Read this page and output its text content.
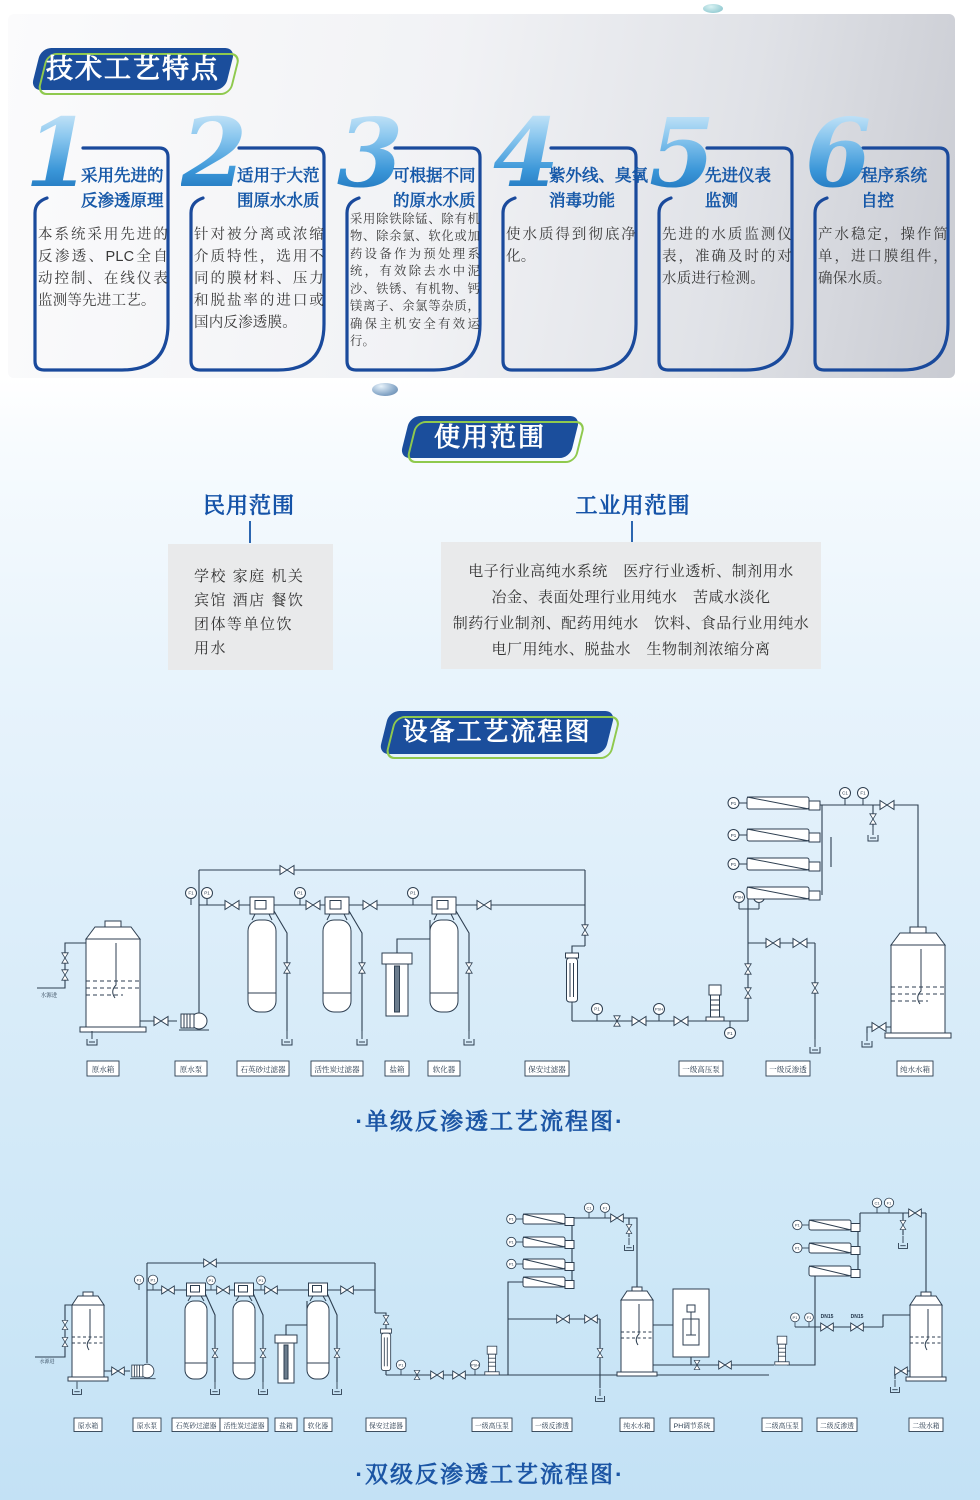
技术工艺特点
1
采用先进的
反渗透原理
本系统采用先进的反渗透、PLC全自动控制、在线仪表监测等先进工艺。
2
适用于大范
围原水水质
针对被分离或浓缩介质特性，选用不同的膜材料、压力和脱盐率的进口或国内反渗透膜。
3
可根据不同
的原水水质
采用除铁除锰、除有机物、除余氯、软化或加药设备作为预处理系统，有效除去水中泥沙、铁锈、有机物、钙镁离子、余氯等杂质，确保主机安全有效运行。
4
紫外线、臭氧
消毒功能
使水质得到彻底净化。
5
先进仪表
监测
先进的水质监测仪表，准确及时的对水质进行检测。
6
程序系统
自控
产水稳定，操作简单，进口膜组件，确保水质。
使用范围
民用范围
学校 家庭 机关
宾馆 酒店 餐饮
团体等单位饮
用水
工业用范围
电子行业高纯水系统　医疗行业透析、制剂用水
冶金、表面处理行业用纯水　苦咸水淡化
制药行业制剂、配药用纯水　饮料、食品行业用纯水
电厂用纯水、脱盐水　生物制剂浓缩分离
设备工艺流程图
水源进
F1 P1	P1	P1
P1	PSH
F1
PSH
P1
P1
P1
C1	F1
原水箱	原水泵	石英砂过滤器	活性炭过滤器	盐箱	软化器	保安过滤器	一级高压泵	一级反渗透	纯水水箱
·单级反渗透工艺流程图·
水源进
F1 P1	P1	P1
P1	PSH
P1
P1
P1
C1	F1
P1 F1 DN15	DN15
P1
P1
C1 F1
原水箱	原水泵	石英砂过滤器 活性炭过滤器 盐箱 软化器	保安过滤器	一级高压泵	一级反渗透	纯水水箱	PH调节系统	二级高压泵	二级反渗透	二级水箱
·双级反渗透工艺流程图·
